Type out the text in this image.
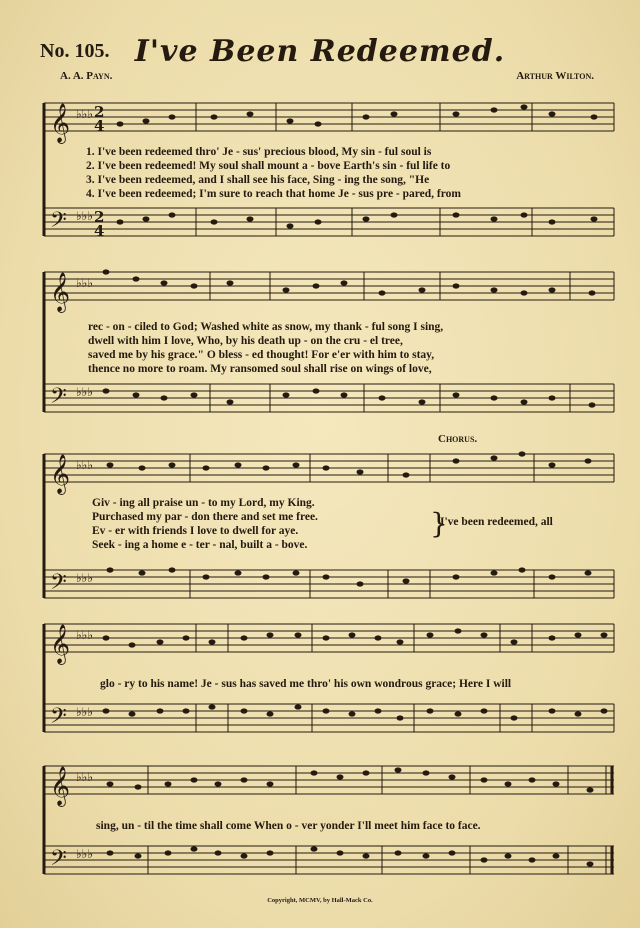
No. 105. I've Been Redeemed.
A. A. Payn.	Arthur Wilton.
𝄞
𝄢
♭♭♭
♭♭♭
2
4
2
4
1. I've been redeemed thro' Je - sus' precious blood, My sin - ful soul is
2. I've been redeemed! My soul shall mount a - bove Earth's sin - ful life to
3. I've been redeemed, and I shall see his face, Sing - ing the song, "He
4. I've been redeemed; I'm sure to reach that home Je - sus pre - pared, from
𝄞
𝄢
♭♭♭
♭♭♭
rec - on - ciled to God; Washed white as snow, my thank - ful song I sing,
dwell with him I love, Who, by his death up - on the cru - el tree,
saved me by his grace." O bless - ed thought! For e'er with him to stay,
thence no more to roam. My ransomed soul shall rise on wings of love,
Chorus.
𝄞
𝄢
♭♭♭
♭♭♭
Giv - ing all praise un - to my Lord, my King.
Purchased my par - don there and set me free.
Ev - er with friends I love to dwell for aye.
Seek - ing a home e - ter - nal, built a - bove.
}
I've been redeemed, all
𝄞
𝄢
♭♭♭
♭♭♭
glo - ry to his name! Je - sus has saved me thro' his own wondrous grace; Here I will
𝄞
𝄢
♭♭♭
♭♭♭
sing, un - til the time shall come When o - ver yonder I'll meet him face to face.
Copyright, MCMV, by Hall-Mack Co.
